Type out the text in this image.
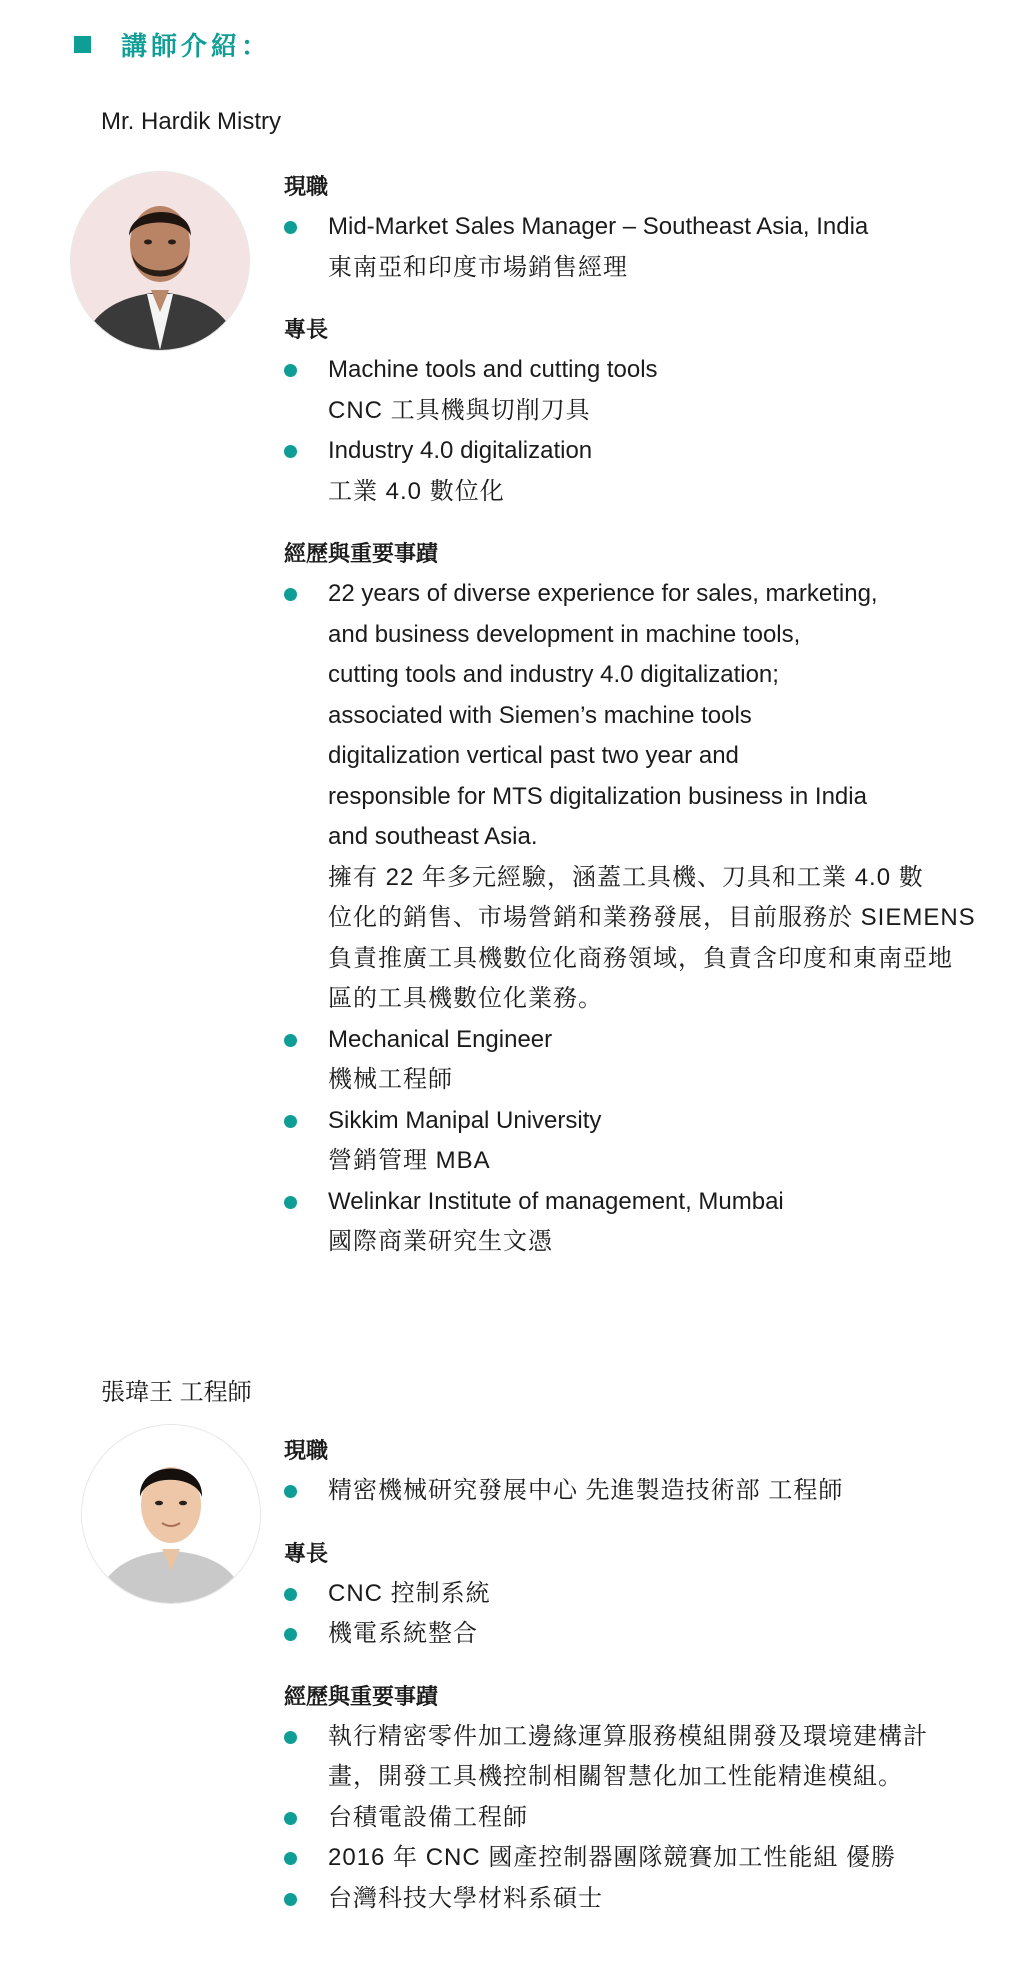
講師介紹：
Mr. Hardik Mistry
現職
Mid-Market Sales Manager – Southeast Asia, India
東南亞和印度市場銷售經理
專長
Machine tools and cutting tools
CNC 工具機與切削刀具
Industry 4.0 digitalization
工業 4.0 數位化
經歷與重要事蹟
22 years of diverse experience for sales, marketing,
and business development in machine tools,
cutting tools and industry 4.0 digitalization;
associated with Siemen’s machine tools
digitalization vertical past two year and
responsible for MTS digitalization business in India
and southeast Asia.
擁有 22 年多元經驗，涵蓋工具機、刀具和工業 4.0 數
位化的銷售、市場營銷和業務發展，目前服務於 SIEMENS
負責推廣工具機數位化商務領域，負責含印度和東南亞地
區的工具機數位化業務。
Mechanical Engineer
機械工程師
Sikkim Manipal University
營銷管理 MBA
Welinkar Institute of management, Mumbai
國際商業研究生文憑
張瑋王 工程師
現職
精密機械研究發展中心 先進製造技術部 工程師
專長
CNC 控制系統
機電系統整合
經歷與重要事蹟
執行精密零件加工邊緣運算服務模組開發及環境建構計
畫，開發工具機控制相關智慧化加工性能精進模組。
台積電設備工程師
2016 年 CNC 國產控制器團隊競賽加工性能組 優勝
台灣科技大學材料系碩士
